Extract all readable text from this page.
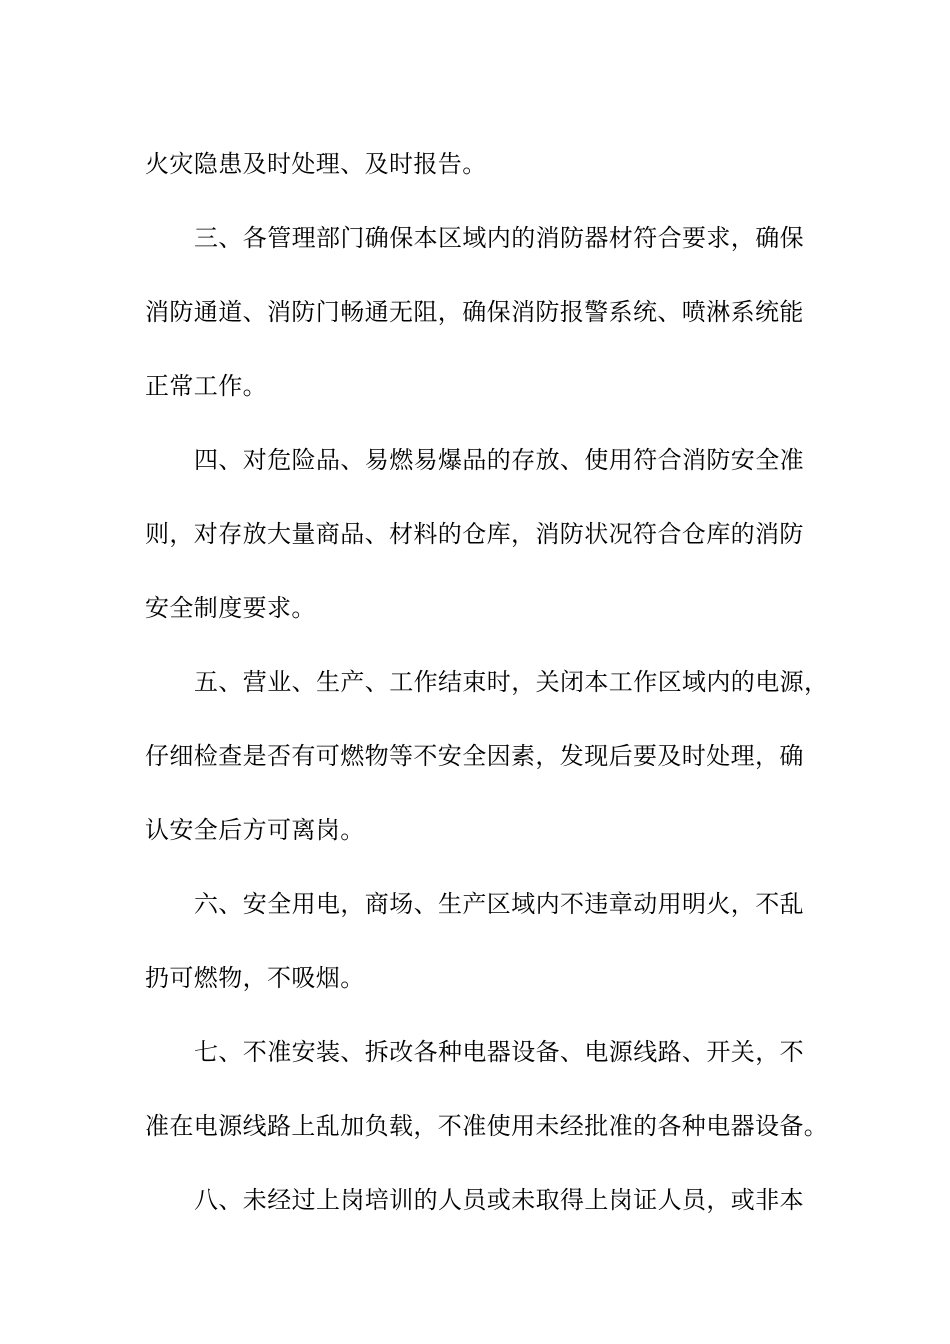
火灾隐患及时处理、及时报告。
三、各管理部门确保本区域内的消防器材符合要求，确保
消防通道、消防门畅通无阻，确保消防报警系统、喷淋系统能
正常工作。
四、对危险品、易燃易爆品的存放、使用符合消防安全准
则，对存放大量商品、材料的仓库，消防状况符合仓库的消防
安全制度要求。
五、营业、生产、工作结束时，关闭本工作区域内的电源，
仔细检查是否有可燃物等不安全因素，发现后要及时处理，确
认安全后方可离岗。
六、安全用电，商场、生产区域内不违章动用明火，不乱
扔可燃物，不吸烟。
七、不准安装、拆改各种电器设备、电源线路、开关，不
准在电源线路上乱加负载，不准使用未经批准的各种电器设备。
八、未经过上岗培训的人员或未取得上岗证人员，或非本
